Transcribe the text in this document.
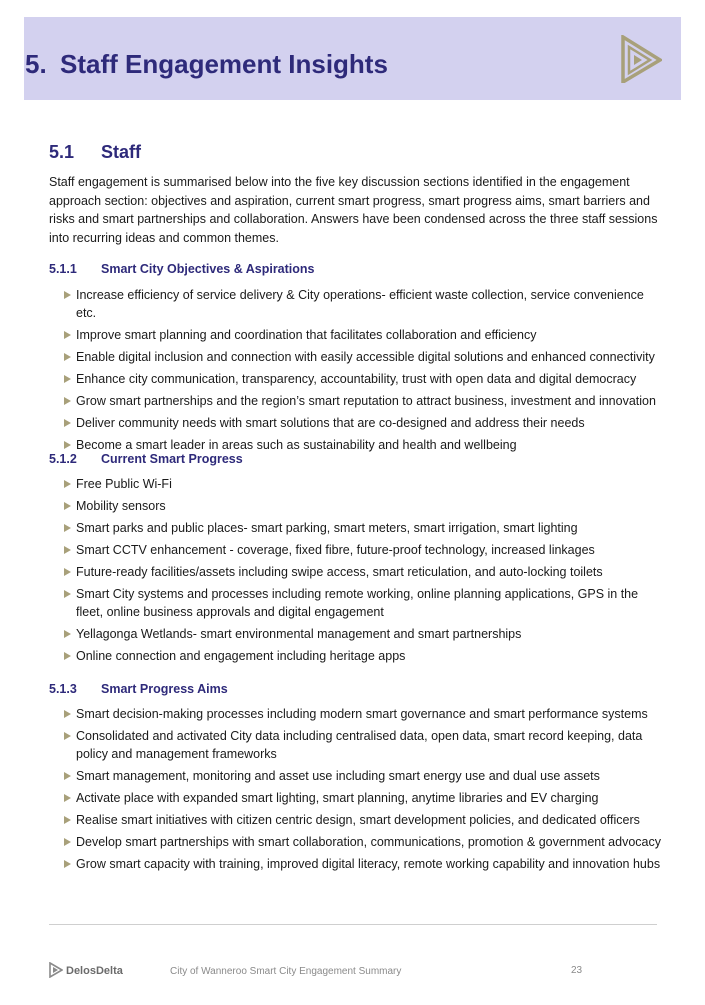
5. Staff Engagement Insights
5.1 Staff

Staff engagement is summarised below into the five key discussion sections identified in the engagement approach section: objectives and aspiration, current smart progress, smart progress aims, smart barriers and risks and smart partnerships and collaboration. Answers have been condensed across the three staff sessions into recurring ideas and common themes.

5.1.1 Smart City Objectives & Aspirations
Increase efficiency of service delivery & City operations- efficient waste collection, service convenience etc.
Improve smart planning and coordination that facilitates collaboration and efficiency
Enable digital inclusion and connection with easily accessible digital solutions and enhanced connectivity
Enhance city communication, transparency, accountability, trust with open data and digital democracy
Grow smart partnerships and the region’s smart reputation to attract business, investment and innovation
Deliver community needs with smart solutions that are co-designed and address their needs
Become a smart leader in areas such as sustainability and health and wellbeing
5.1.2 Current Smart Progress
Free Public Wi-Fi
Mobility sensors
Smart parks and public places- smart parking, smart meters, smart irrigation, smart lighting
Smart CCTV enhancement - coverage, fixed fibre, future-proof technology, increased linkages
Future-ready facilities/assets including swipe access, smart reticulation, and auto-locking toilets
Smart City systems and processes including remote working, online planning applications, GPS in the fleet, online business approvals and digital engagement
Yellagonga Wetlands- smart environmental management and smart partnerships
Online connection and engagement including heritage apps
5.1.3 Smart Progress Aims
Smart decision-making processes including modern smart governance and smart performance systems
Consolidated and activated City data including centralised data, open data, smart record keeping, data policy and management frameworks
Smart management, monitoring and asset use including smart energy use and dual use assets
Activate place with expanded smart lighting, smart planning, anytime libraries and EV charging
Realise smart initiatives with citizen centric design, smart development policies, and dedicated officers
Develop smart partnerships with smart collaboration, communications, promotion & government advocacy
Grow smart capacity with training, improved digital literacy, remote working capability and innovation hubs
DelosDelta	City of Wanneroo Smart City Engagement Summary	23
